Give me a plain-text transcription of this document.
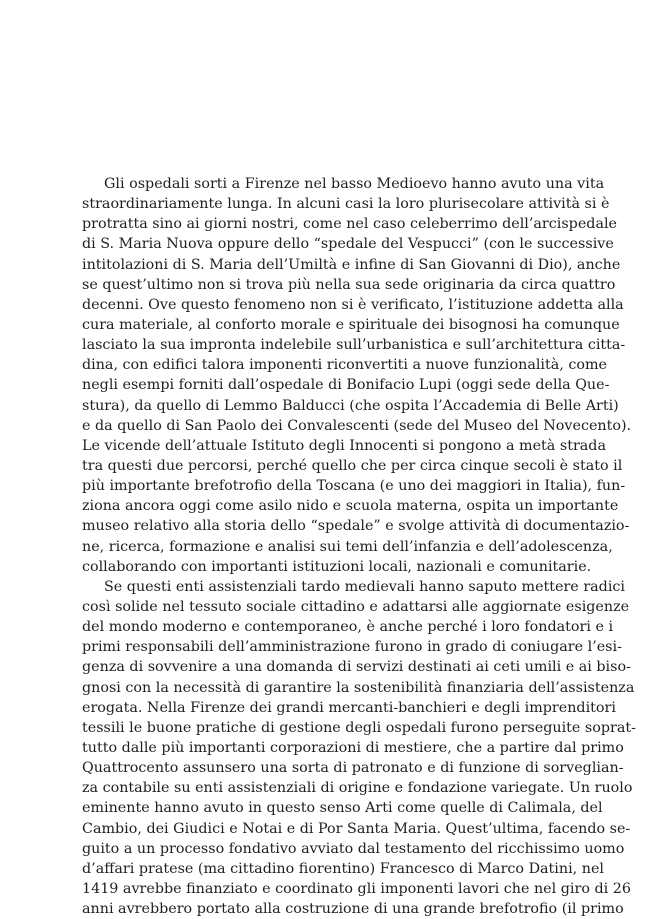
Gli ospedali sorti a Firenze nel basso Medioevo hanno avuto una vita
straordinariamente lunga. In alcuni casi la loro plurisecolare attività si è
protratta sino ai giorni nostri, come nel caso celeberrimo dell’arcispedale
di S. Maria Nuova oppure dello “spedale del Vespucci” (con le successive
intitolazioni di S. Maria dell’Umiltà e infine di San Giovanni di Dio), anche
se quest’ultimo non si trova più nella sua sede originaria da circa quattro
decenni. Ove questo fenomeno non si è verificato, l’istituzione addetta alla
cura materiale, al conforto morale e spirituale dei bisognosi ha comunque
lasciato la sua impronta indelebile sull’urbanistica e sull’architettura citta-
dina, con edifici talora imponenti riconvertiti a nuove funzionalità, come
negli esempi forniti dall’ospedale di Bonifacio Lupi (oggi sede della Que-
stura), da quello di Lemmo Balducci (che ospita l’Accademia di Belle Arti)
e da quello di San Paolo dei Convalescenti (sede del Museo del Novecento).
Le vicende dell’attuale Istituto degli Innocenti si pongono a metà strada
tra questi due percorsi, perché quello che per circa cinque secoli è stato il
più importante brefotrofio della Toscana (e uno dei maggiori in Italia), fun-
ziona ancora oggi come asilo nido e scuola materna, ospita un importante
museo relativo alla storia dello “spedale” e svolge attività di documentazio-
ne, ricerca, formazione e analisi sui temi dell’infanzia e dell’adolescenza,
collaborando con importanti istituzioni locali, nazionali e comunitarie.
Se questi enti assistenziali tardo medievali hanno saputo mettere radici
così solide nel tessuto sociale cittadino e adattarsi alle aggiornate esigenze
del mondo moderno e contemporaneo, è anche perché i loro fondatori e i
primi responsabili dell’amministrazione furono in grado di coniugare l’esi-
genza di sovvenire a una domanda di servizi destinati ai ceti umili e ai biso-
gnosi con la necessità di garantire la sostenibilità finanziaria dell’assistenza
erogata. Nella Firenze dei grandi mercanti-banchieri e degli imprenditori
tessili le buone pratiche di gestione degli ospedali furono perseguite soprat-
tutto dalle più importanti corporazioni di mestiere, che a partire dal primo
Quattrocento assunsero una sorta di patronato e di funzione di sorveglian-
za contabile su enti assistenziali di origine e fondazione variegate. Un ruolo
eminente hanno avuto in questo senso Arti come quelle di Calimala, del
Cambio, dei Giudici e Notai e di Por Santa Maria. Quest’ultima, facendo se-
guito a un processo fondativo avviato dal testamento del ricchissimo uomo
d’affari pratese (ma cittadino fiorentino) Francesco di Marco Datini, nel
1419 avrebbe finanziato e coordinato gli imponenti lavori che nel giro di 26
anni avrebbero portato alla costruzione di una grande brefotrofio (il primo
